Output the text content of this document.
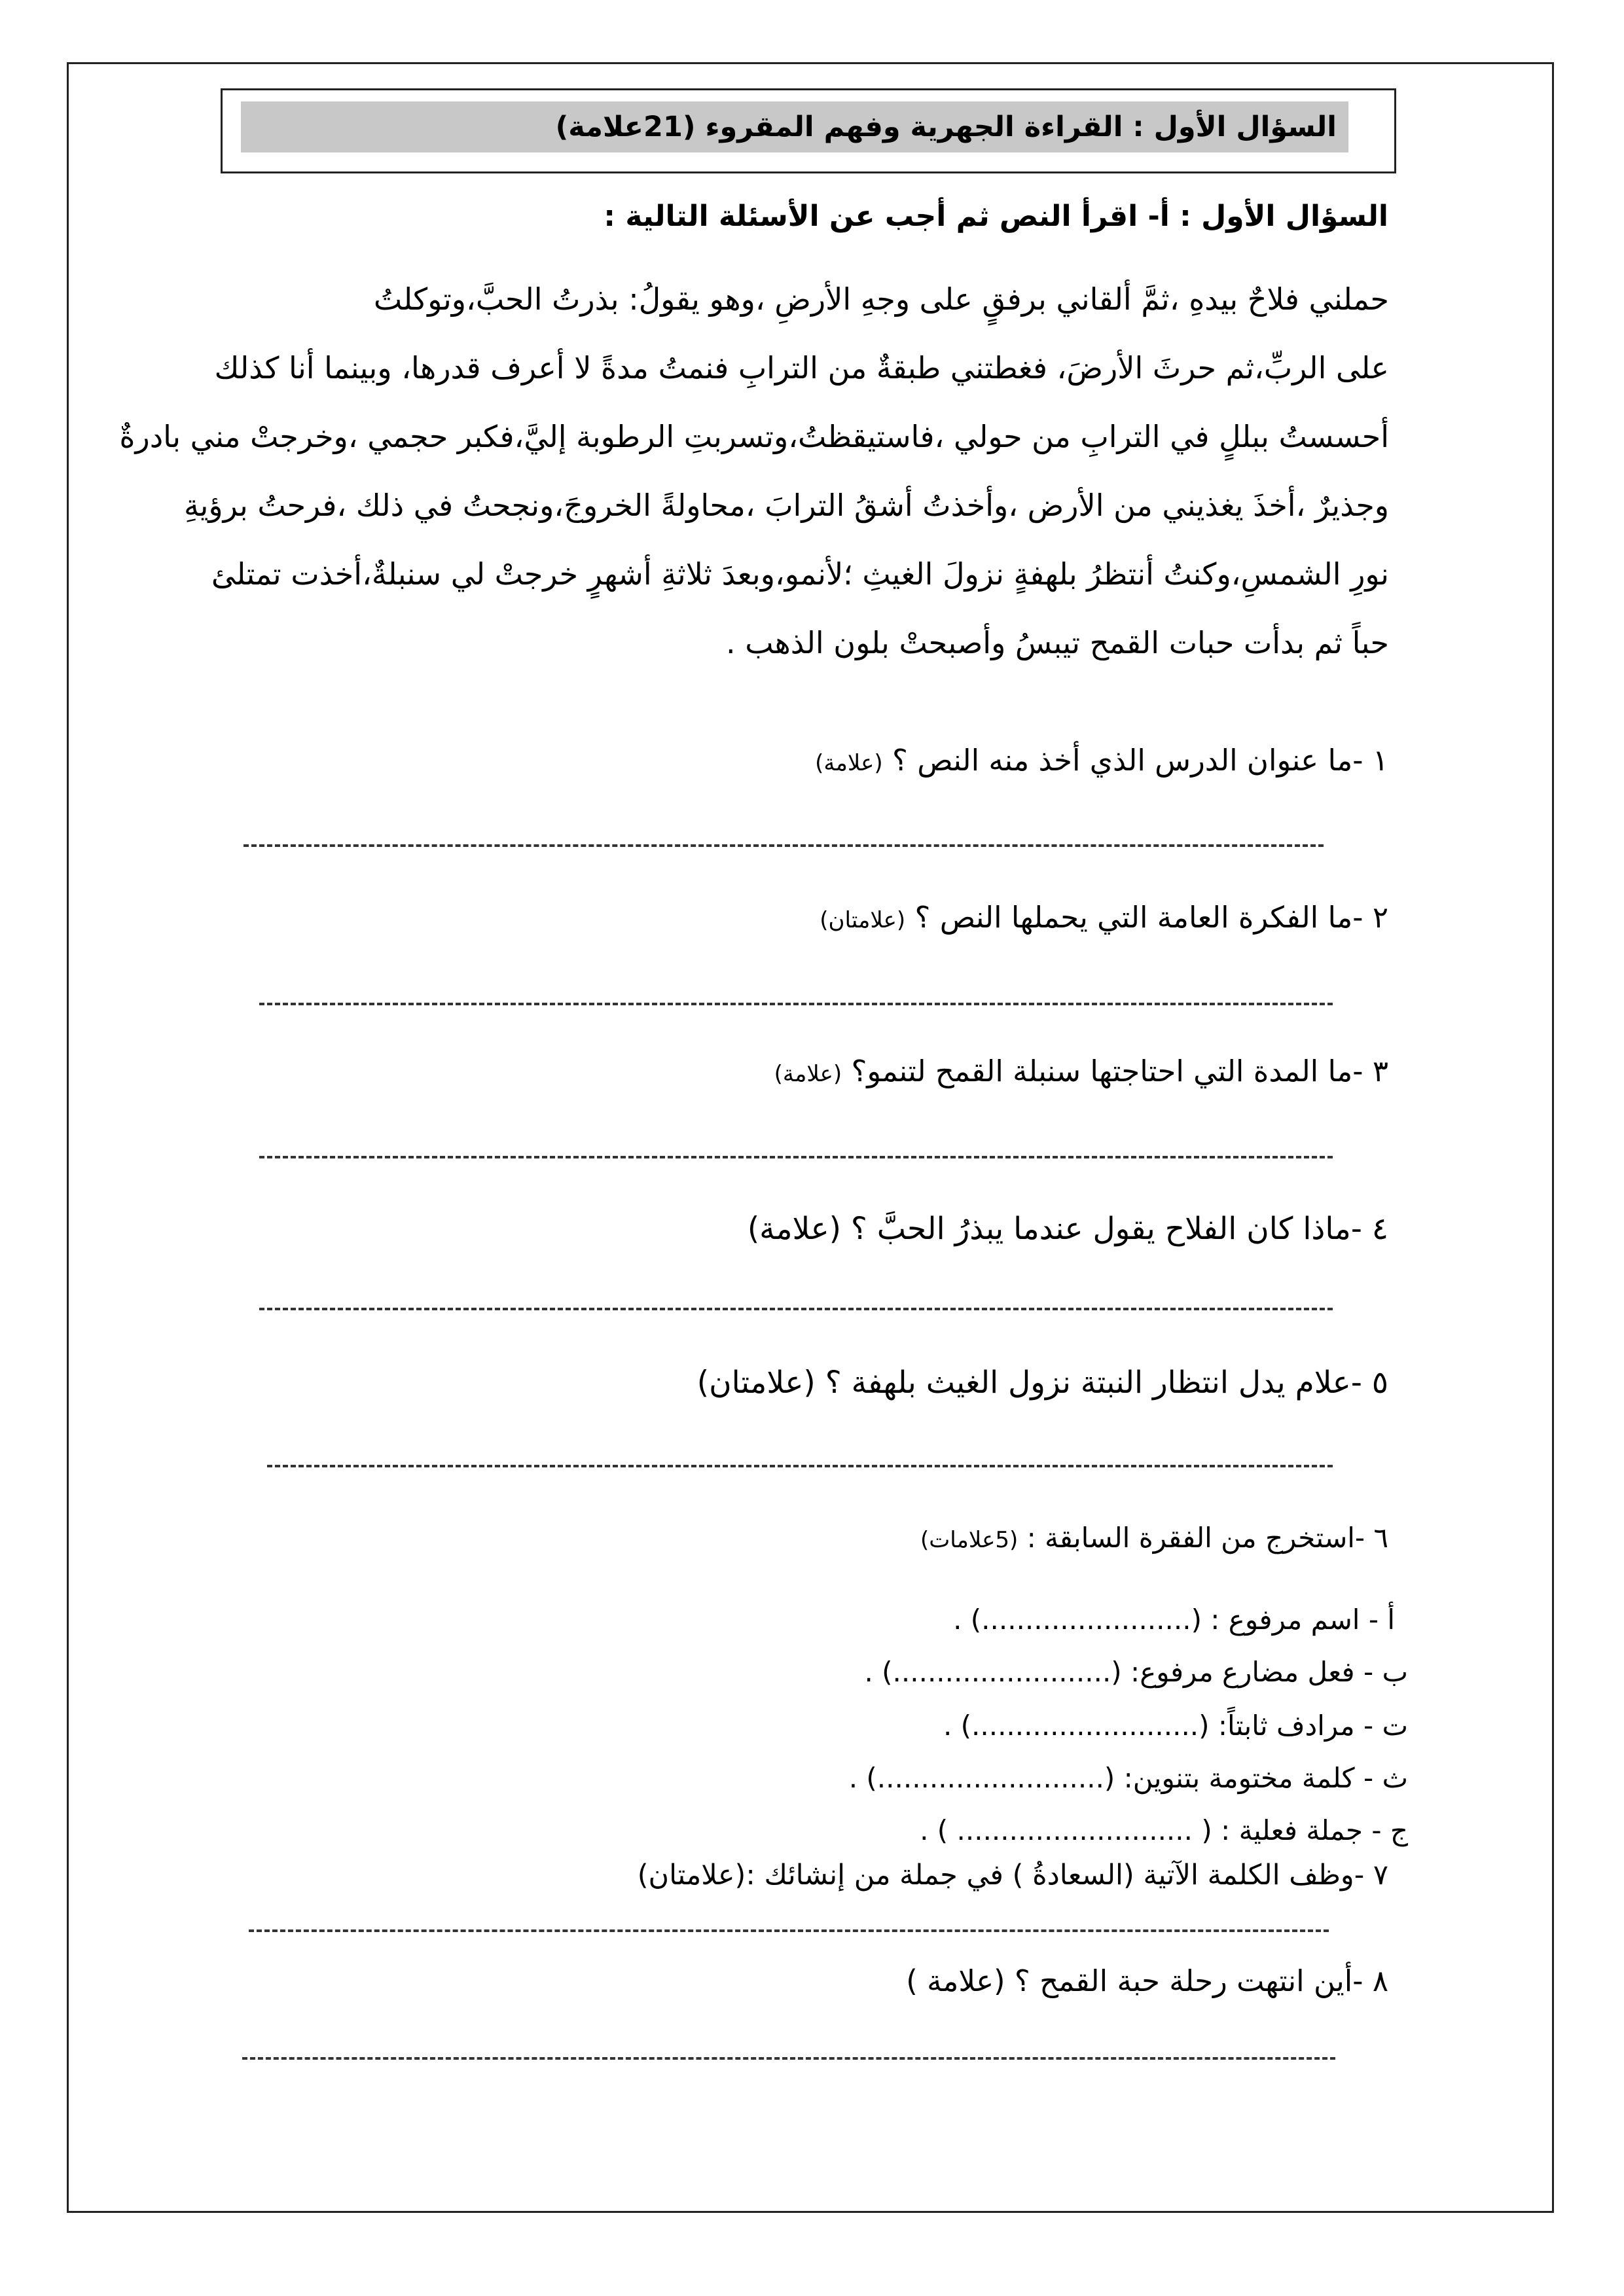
السؤال الأول : القراءة الجهرية وفهم المقروء (21علامة)
السؤال الأول : أ- اقرأ النص ثم أجب عن الأسئلة التالية :
حملني فلاحٌ بيدهِ ،ثمَّ ألقاني برفقٍ على وجهِ الأرضِ ،وهو يقولُ: بذرتُ الحبَّ،وتوكلتُ
على الربِّ،ثم حرثَ الأرضَ، فغطتني طبقةٌ من الترابِ فنمتُ مدةً لا أعرف قدرها، وبينما أنا كذلك
أحسستُ ببللٍ في الترابِ من حولي ،فاستيقظتُ،وتسربتِ الرطوبة إليَّ،فكبر حجمي ،وخرجتْ مني بادرةٌ
وجذيرٌ ،أخذَ يغذيني من الأرض ،وأخذتُ أشقُ الترابَ ،محاولةً الخروجَ،ونجحتُ في ذلك ،فرحتُ برؤيةِ
نورِ الشمسِ،وكنتُ أنتظرُ بلهفةٍ نزولَ الغيثِ ؛لأنمو،وبعدَ ثلاثةِ أشهرٍ خرجتْ لي سنبلةٌ،أخذت تمتلئ
حباً ثم بدأت حبات القمح تيبسُ وأصبحتْ بلون الذهب .
١ -ما عنوان الدرس الذي أخذ منه النص ؟ (علامة)
٢ -ما الفكرة العامة التي يحملها النص ؟ (علامتان)
٣ -ما المدة التي احتاجتها سنبلة القمح لتنمو؟ (علامة)
٤ -ماذا كان الفلاح يقول عندما يبذرُ الحبَّ ؟ (علامة)
٥ -علام يدل انتظار النبتة نزول الغيث بلهفة ؟ (علامتان)
٦ -استخرج من الفقرة السابقة : (5علامات)
أ - اسم مرفوع : (........................) .
ب - فعل مضارع مرفوع: (.........................) .
ت - مرادف ثابتاً: (..........................) .
ث - كلمة مختومة بتنوين: (..........................) .
ج - جملة فعلية : ( ........................... ) .
٧ -وظف الكلمة الآتية (السعادةُ ) في جملة من إنشائك :(علامتان)
٨ -أين انتهت رحلة حبة القمح ؟ (علامة )
